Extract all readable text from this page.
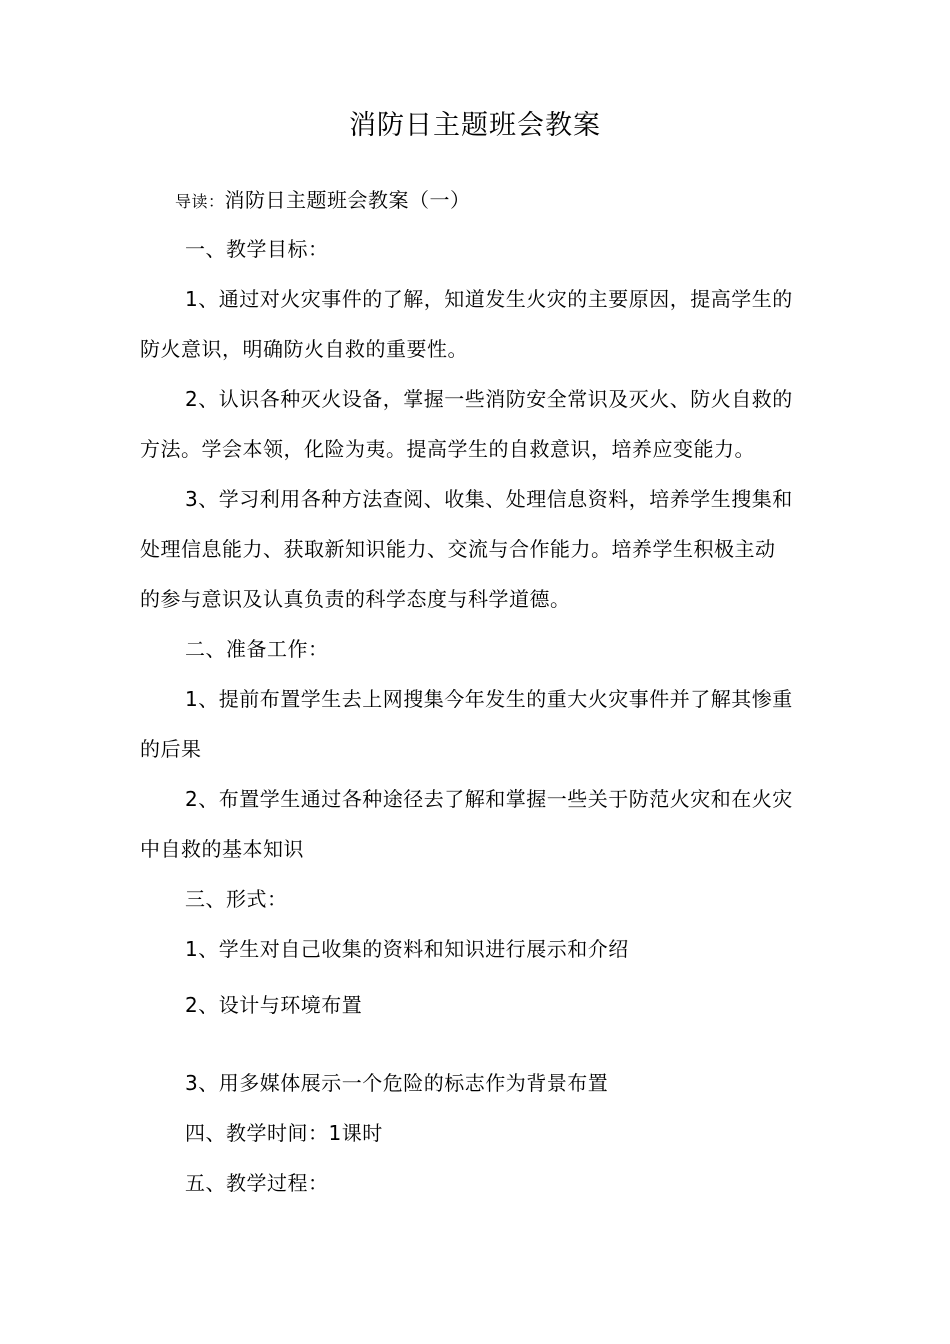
消防日主题班会教案
导读：消防日主题班会教案（一）
一、教学目标：
1、通过对火灾事件的了解，知道发生火灾的主要原因，提高学生的
防火意识，明确防火自救的重要性。
2、认识各种灭火设备，掌握一些消防安全常识及灭火、防火自救的
方法。学会本领，化险为夷。提高学生的自救意识，培养应变能力。
3、学习利用各种方法查阅、收集、处理信息资料，培养学生搜集和
处理信息能力、获取新知识能力、交流与合作能力。培养学生积极主动
的参与意识及认真负责的科学态度与科学道德。
二、准备工作：
1、提前布置学生去上网搜集今年发生的重大火灾事件并了解其惨重
的后果
2、布置学生通过各种途径去了解和掌握一些关于防范火灾和在火灾
中自救的基本知识
三、形式：
1、学生对自己收集的资料和知识进行展示和介绍
2、设计与环境布置
3、用多媒体展示一个危险的标志作为背景布置
四、教学时间：1课时
五、教学过程：
